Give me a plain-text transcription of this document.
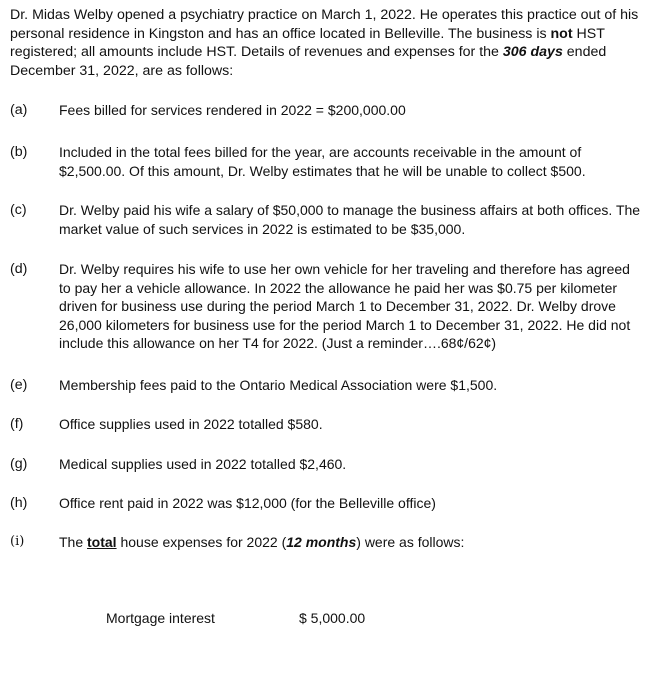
Dr. Midas Welby opened a psychiatry practice on March 1, 2022. He operates this practice out of his personal residence in Kingston and has an office located in Belleville. The business is not HST registered; all amounts include HST. Details of revenues and expenses for the 306 days ended December 31, 2022, are as follows:
(a)	Fees billed for services rendered in 2022 = $200,000.00
(b)	Included in the total fees billed for the year, are accounts receivable in the amount of $2,500.00. Of this amount, Dr. Welby estimates that he will be unable to collect $500.
(c)	Dr. Welby paid his wife a salary of $50,000 to manage the business affairs at both offices. The market value of such services in 2022 is estimated to be $35,000.
(d)	Dr. Welby requires his wife to use her own vehicle for her traveling and therefore has agreed to pay her a vehicle allowance. In 2022 the allowance he paid her was $0.75 per kilometer driven for business use during the period March 1 to December 31, 2022. Dr. Welby drove 26,000 kilometers for business use for the period March 1 to December 31, 2022. He did not include this allowance on her T4 for 2022. (Just a reminder….68¢/62¢)
(e)	Membership fees paid to the Ontario Medical Association were $1,500.
(f)	Office supplies used in 2022 totalled $580.
(g)	Medical supplies used in 2022 totalled $2,460.
(h)	Office rent paid in 2022 was $12,000 (for the Belleville office)
(i)	The total house expenses for 2022 (12 months) were as follows:
Mortgage interest	$ 5,000.00
